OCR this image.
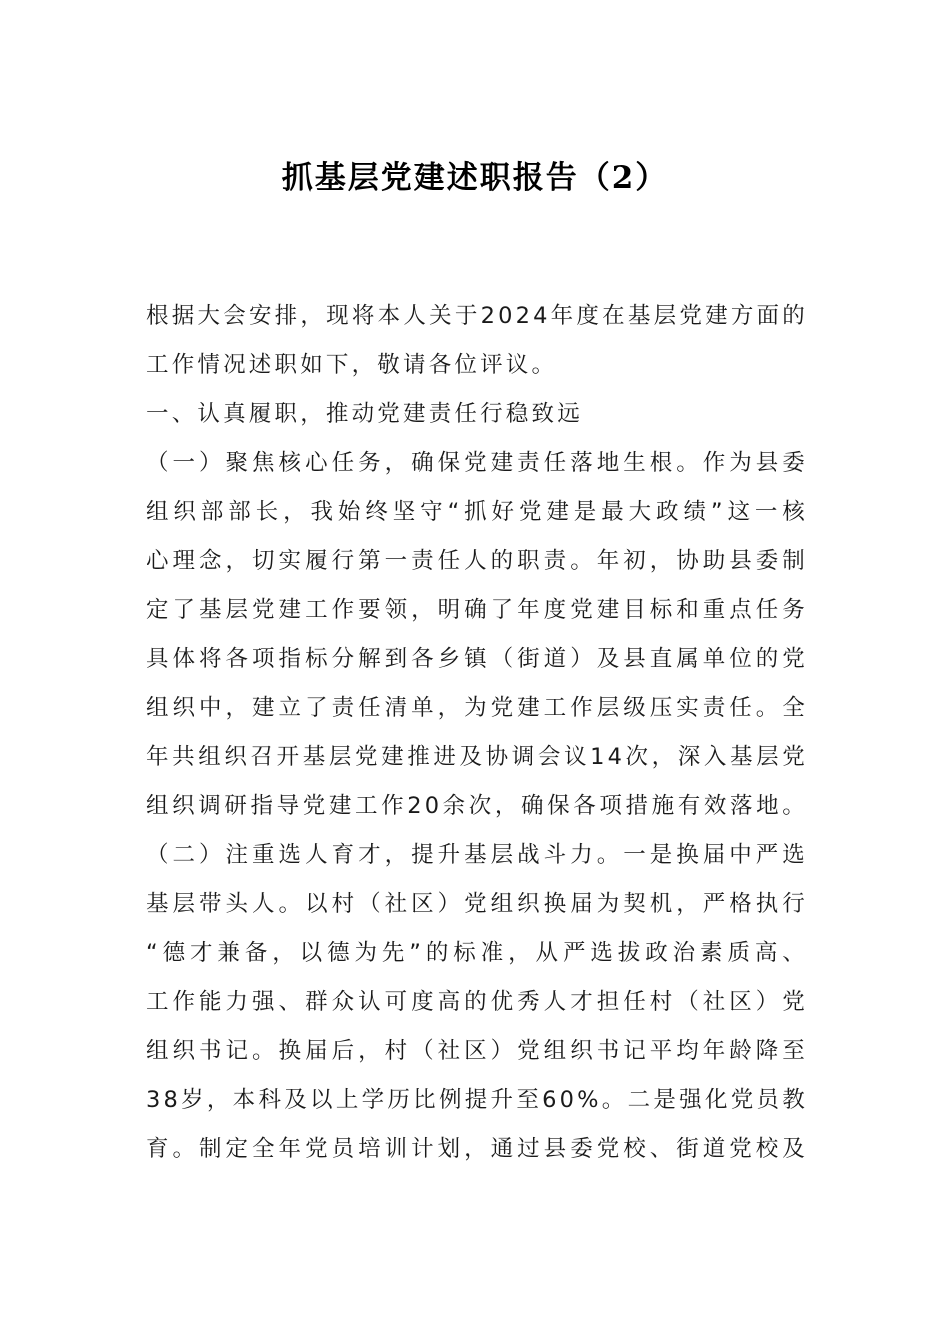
抓基层党建述职报告（2）
根据大会安排，现将本人关于2024年度在基层党建方面的
工作情况述职如下，敬请各位评议。
一、认真履职，推动党建责任行稳致远
（一）聚焦核心任务，确保党建责任落地生根。作为县委
组织部部长，我始终坚守“抓好党建是最大政绩”这一核
心理念，切实履行第一责任人的职责。年初，协助县委制
定了基层党建工作要领，明确了年度党建目标和重点任务
具体将各项指标分解到各乡镇（街道）及县直属单位的党
组织中，建立了责任清单，为党建工作层级压实责任。全
年共组织召开基层党建推进及协调会议14次，深入基层党
组织调研指导党建工作20余次，确保各项措施有效落地。
（二）注重选人育才，提升基层战斗力。一是换届中严选
基层带头人。以村（社区）党组织换届为契机，严格执行
“德才兼备，以德为先”的标准，从严选拔政治素质高、
工作能力强、群众认可度高的优秀人才担任村（社区）党
组织书记。换届后，村（社区）党组织书记平均年龄降至
38岁，本科及以上学历比例提升至60%。二是强化党员教
育。制定全年党员培训计划，通过县委党校、街道党校及
